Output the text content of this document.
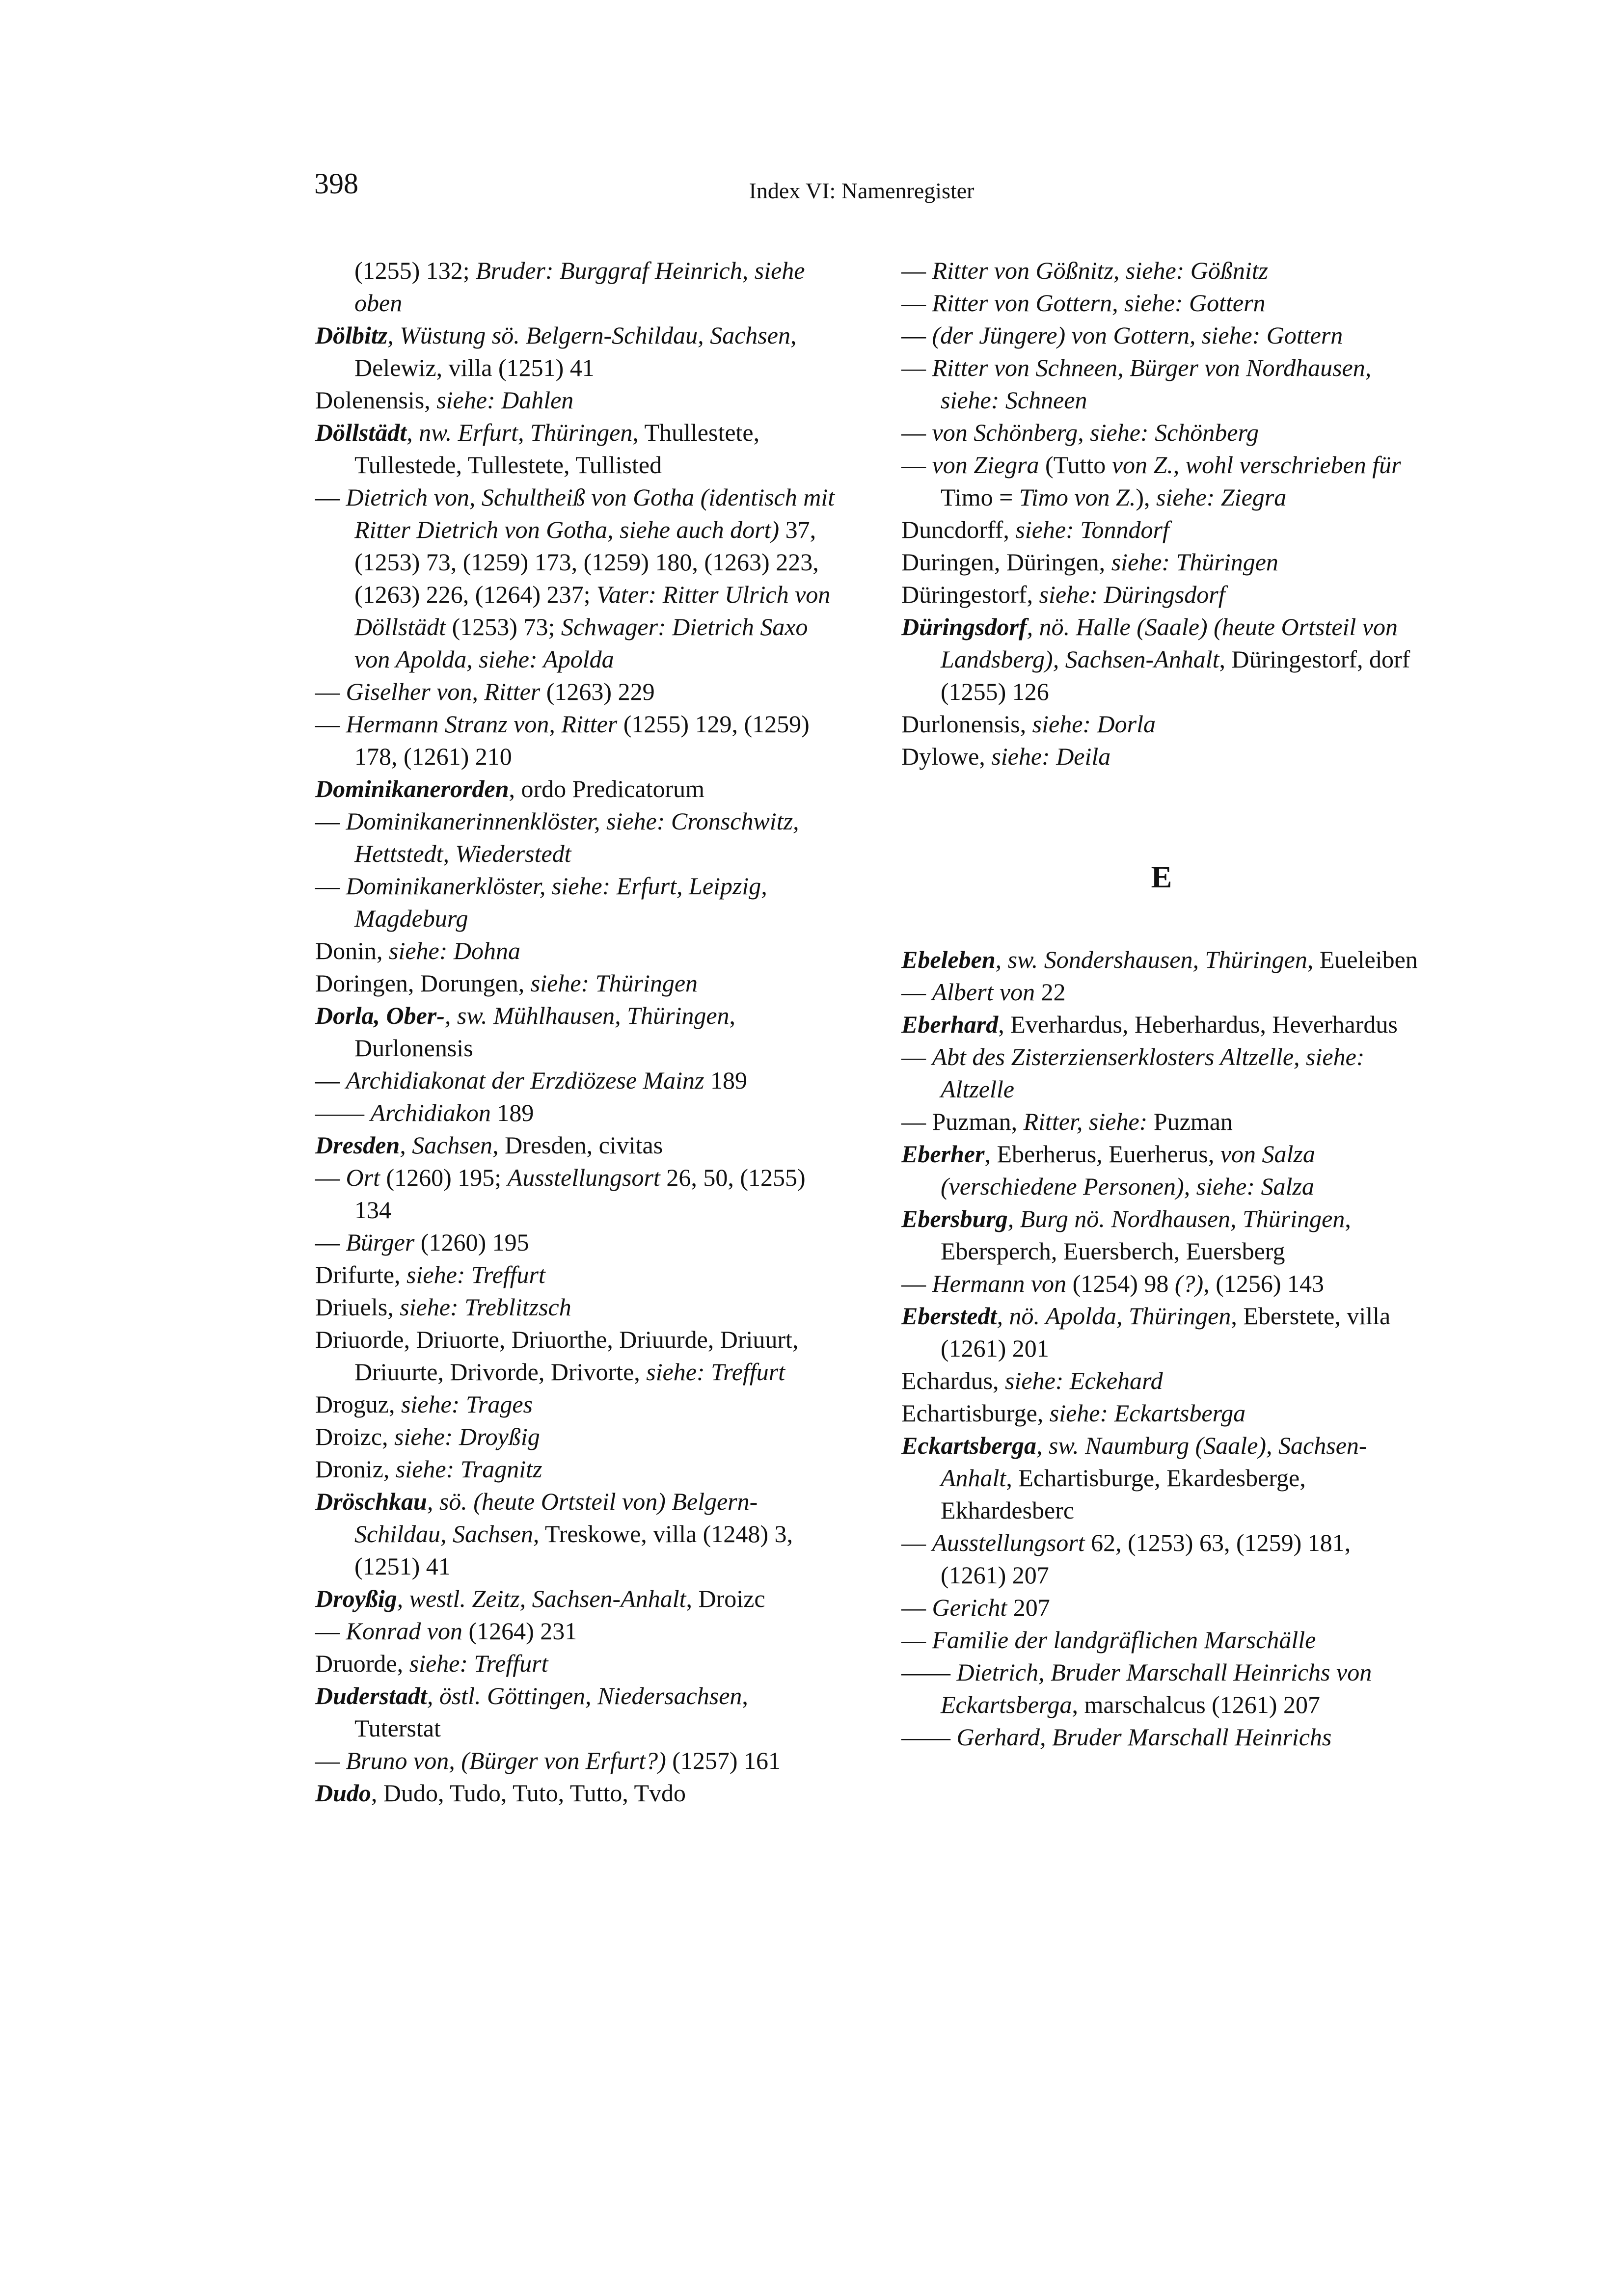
398	Index VI: Namenregister
(1255) 132; Bruder: Burggraf Heinrich, siehe oben
Dölbitz, Wüstung sö. Belgern-Schildau, Sachsen, Delewiz, villa (1251) 41
Dolenensis, siehe: Dahlen
Döllstädt, nw. Erfurt, Thüringen, Thullestete, Tullestede, Tullestete, Tullisted
— Dietrich von, Schultheiß von Gotha (identisch mit Ritter Dietrich von Gotha, siehe auch dort) 37, (1253) 73, (1259) 173, (1259) 180, (1263) 223, (1263) 226, (1264) 237; Vater: Ritter Ulrich von Döllstädt (1253) 73; Schwager: Dietrich Saxo von Apolda, siehe: Apolda
— Giselher von, Ritter (1263) 229
— Hermann Stranz von, Ritter (1255) 129, (1259) 178, (1261) 210
Dominikanerorden, ordo Predicatorum
— Dominikanerinnenklöster, siehe: Cronschwitz, Hettstedt, Wiederstedt
— Dominikanerklöster, siehe: Erfurt, Leipzig, Magdeburg
Donin, siehe: Dohna
Doringen, Dorungen, siehe: Thüringen
Dorla, Ober-, sw. Mühlhausen, Thüringen, Durlonensis
— Archidiakonat der Erzdiözese Mainz 189
—— Archidiakon 189
Dresden, Sachsen, Dresden, civitas
— Ort (1260) 195; Ausstellungsort 26, 50, (1255) 134
— Bürger (1260) 195
Drifurte, siehe: Treffurt
Driuels, siehe: Treblitzsch
Driuorde, Driuorte, Driuorthe, Driuurde, Driuurt, Driuurte, Drivorde, Drivorte, siehe: Treffurt
Droguz, siehe: Trages
Droizc, siehe: Droyßig
Droniz, siehe: Tragnitz
Dröschkau, sö. (heute Ortsteil von) Belgern-Schildau, Sachsen, Treskowe, villa (1248) 3, (1251) 41
Droyßig, westl. Zeitz, Sachsen-Anhalt, Droizc
— Konrad von (1264) 231
Druorde, siehe: Treffurt
Duderstadt, östl. Göttingen, Niedersachsen, Tuterstat
— Bruno von, (Bürger von Erfurt?) (1257) 161
Dudo, Dudo, Tudo, Tuto, Tutto, Tvdo
— Ritter von Gößnitz, siehe: Gößnitz
— Ritter von Gottern, siehe: Gottern
— (der Jüngere) von Gottern, siehe: Gottern
— Ritter von Schneen, Bürger von Nordhausen, siehe: Schneen
— von Schönberg, siehe: Schönberg
— von Ziegra (Tutto von Z., wohl verschrieben für Timo = Timo von Z.), siehe: Ziegra
Duncdorff, siehe: Tonndorf
Duringen, Düringen, siehe: Thüringen
Düringestorf, siehe: Düringsdorf
Düringsdorf, nö. Halle (Saale) (heute Ortsteil von Landsberg), Sachsen-Anhalt, Düringestorf, dorf (1255) 126
Durlonensis, siehe: Dorla
Dylowe, siehe: Deila
E
Ebeleben, sw. Sondershausen, Thüringen, Eueleiben
— Albert von 22
Eberhard, Everhardus, Heberhardus, Heverhardus
— Abt des Zisterzienserklosters Altzelle, siehe: Altzelle
— Puzman, Ritter, siehe: Puzman
Eberher, Eberherus, Euerherus, von Salza (verschiedene Personen), siehe: Salza
Ebersburg, Burg nö. Nordhausen, Thüringen, Ebersperch, Euersberch, Euersberg
— Hermann von (1254) 98 (?), (1256) 143
Eberstedt, nö. Apolda, Thüringen, Eberstete, villa (1261) 201
Echardus, siehe: Eckehard
Echartisburge, siehe: Eckartsberga
Eckartsberga, sw. Naumburg (Saale), Sachsen-Anhalt, Echartisburge, Ekardesberge, Ekhardesberc
— Ausstellungsort 62, (1253) 63, (1259) 181, (1261) 207
— Gericht 207
— Familie der landgräflichen Marschälle
—— Dietrich, Bruder Marschall Heinrichs von Eckartsberga, marschalcus (1261) 207
—— Gerhard, Bruder Marschall Heinrichs
